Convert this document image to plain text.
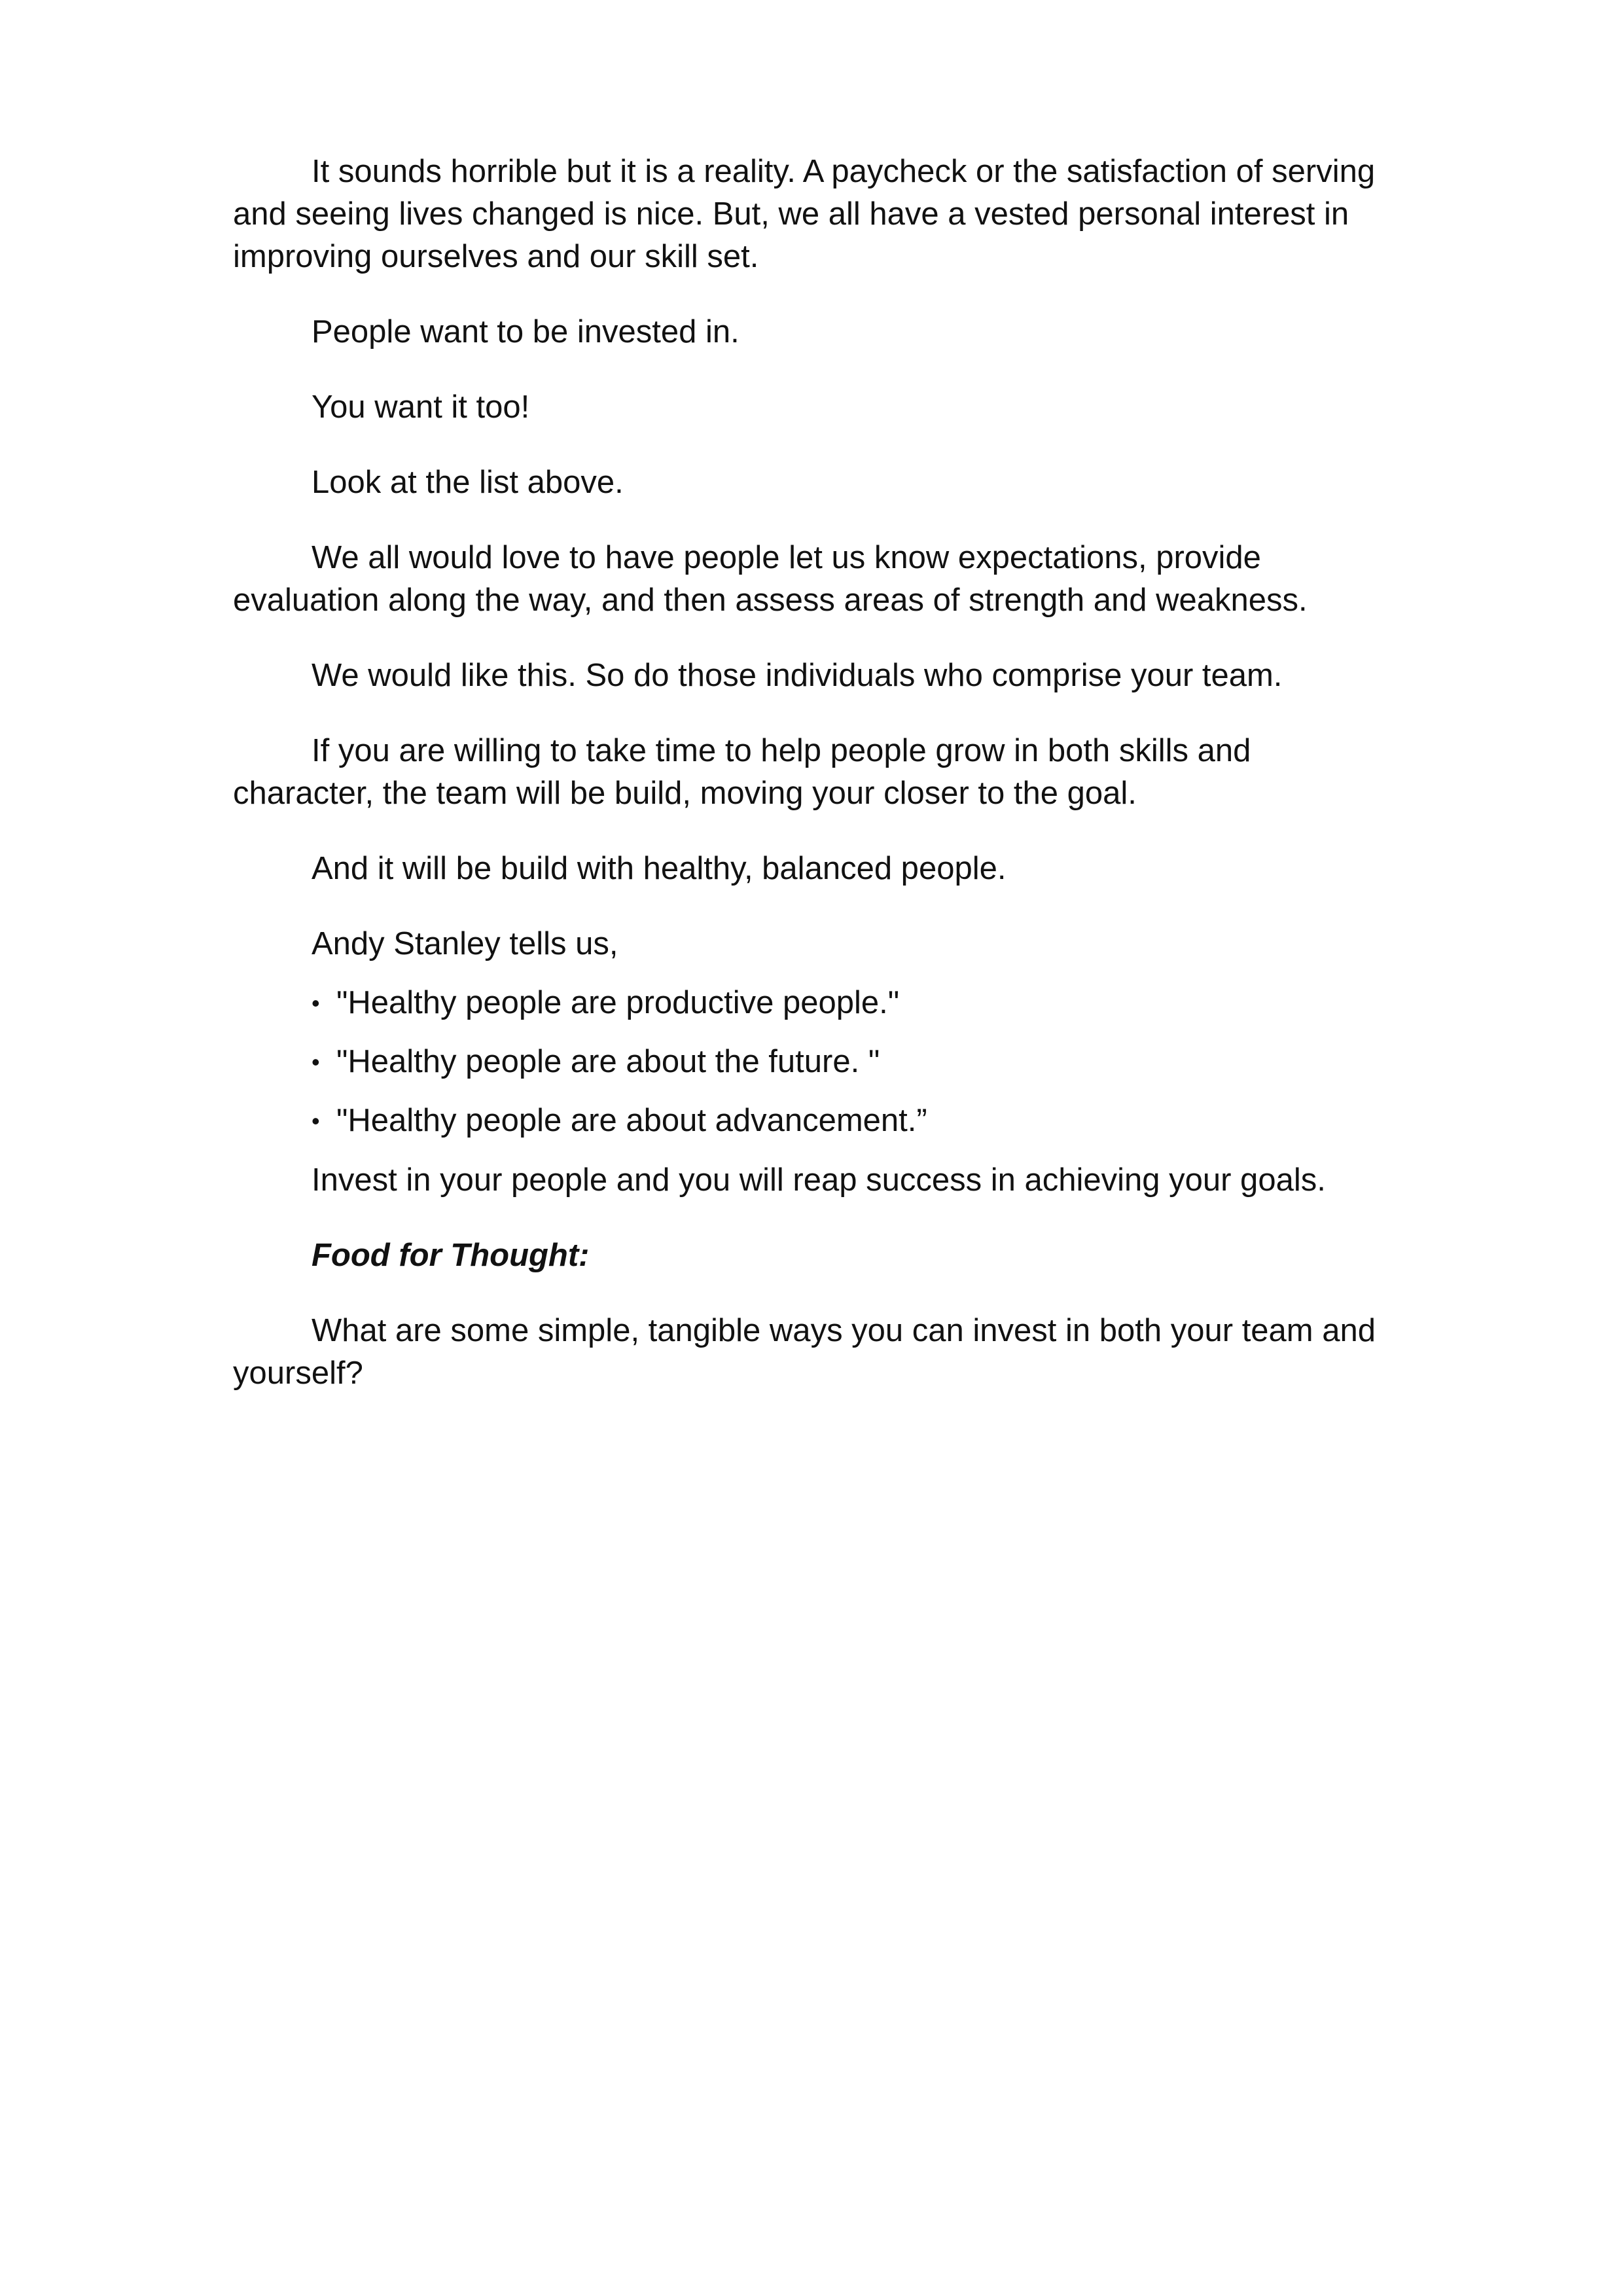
It sounds horrible but it is a reality. A paycheck or the satisfaction of serving and seeing lives changed is nice. But, we all have a vested personal interest in improving ourselves and our skill set.

People want to be invested in.

You want it too!

Look at the list above.

We all would love to have people let us know expectations, provide evaluation along the way, and then assess areas of strength and weakness.

We would like this. So do those individuals who comprise your team.

If you are willing to take time to help people grow in both skills and character, the team will be build, moving your closer to the goal.

And it will be build with healthy, balanced people.

Andy Stanley tells us,

• "Healthy people are productive people."
• "Healthy people are about the future. "
• "Healthy people are about advancement.”

Invest in your people and you will reap success in achieving your goals.

Food for Thought:

What are some simple, tangible ways you can invest in both your team and yourself?
